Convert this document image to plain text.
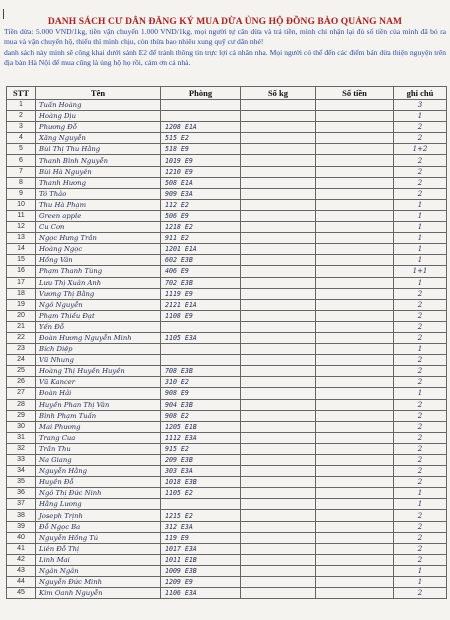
DANH SÁCH CƯ DÂN ĐĂNG KÝ MUA DỪA ỦNG HỘ ĐỒNG BÀO QUẢNG NAM

Tiền dừa: 5.000 VND/1kg, tiền vận chuyển 1.000 VND/1kg, mọi người tự cân dừa và trả tiền, mình chỉ nhận lại đủ số tiền của mình đã bỏ ra mua và vận chuyển hộ, thiếu thì mình chịu, còn thừa bao nhiêu xung quỹ cư dân nhé!

danh sách này mình sẽ công khai dưới sảnh E2 để tránh thông tin trực lợi cá nhân nha. Mọi người có thể đến các điểm bán dừa thiện nguyện trên địa bàn Hà Nội để mua cũng là ủng hộ họ rồi, cám ơn cả nhà.

STT	Tên	Phòng	Số kg	Số tiền	ghi chú
1	Tuấn Hoàng				3
2	Hoàng Dịu				1
3	Phương Đỗ	1208 E1A			2
4	Xăng Nguyễn	515 E2			2
5	Bùi Thị Thu Hằng	518 E9			1+2
6	Thanh Bình Nguyễn	1019 E9			2
7	Bùi Hà Nguyên	1210 E9			2
8	Thanh Hương	508 E1A			2
9	Tô Thảo	909 E3A			2
10	Thu Hà Phạm	112 E2			1
11	Green apple	506 E9			1
12	Cu Cơn	1218 E2			1
13	Ngọc Hưng Trần	911 E2			1
14	Hoàng Ngọc	1201 E1A			1
15	Hồng Vân	602 E3B			1
16	Phạm Thanh Tùng	406 E9			1+1
17	Lưu Thị Xuân Anh	702 E3B			1
18	Vương Thị Bằng	1119 E9			2
19	Ngô Nguyễn	2121 E1A			2
20	Phạm Thiều Đạt	1108 E9			2
21	Yến Đỗ				2
22	Đoàn Hương Nguyễn Minh	1105 E3A			2
23	Bích Diệp				1
24	Vũ Nhung				2
25	Hoàng Thị Huyền Huyền	708 E3B			2
26	Vũ Kancer	310 E2			2
27	Đoàn Hải	908 E9			1
28	Huyền Phan Thị Vân	904 E3B			2
29	Bình Phạm Tuấn	908 E2			2
30	Mai Phương	1205 E1B			2
31	Trang Cua	1112 E3A			2
32	Trần Thu	915 E2			2
33	Na Giang	209 E3B			2
34	Nguyễn Hằng	303 E3A			2
35	Huyền Đỗ	1018 E3B			2
36	Ngô Thị Đức Ninh	1105 E2			1
37	Hằng Lương				1
38	Joseph Trịnh	1215 E2			2
39	Đỗ Ngọc Ba	312 E3A			2
40	Nguyễn Hồng Tú	119 E9			2
41	Liên Đỗ Thị	1017 E3A			2
42	Linh Mai	1011 E1B			2
43	Ngân Ngân	1009 E3B			1
44	Nguyễn Đức Minh	1209 E9			1
45	Kim Oanh Nguyễn	1106 E3A			2
